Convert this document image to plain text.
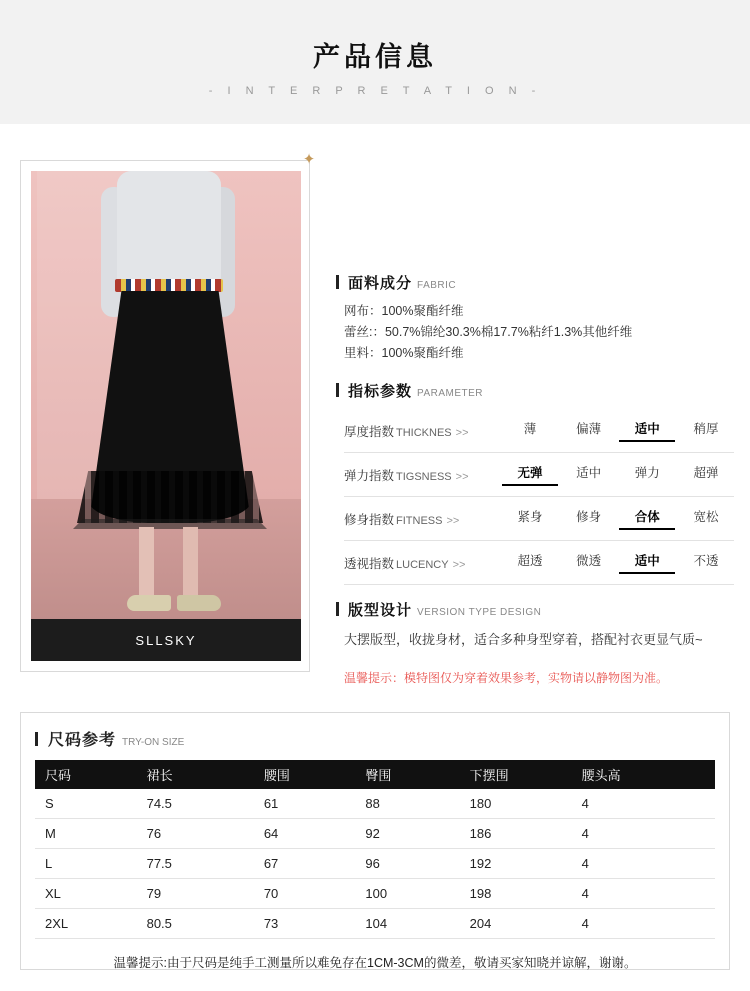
产品信息
- I N T E R P R E T A T I O N -
✦
SLLSKY
面料成分 FABRIC
网布：100%聚酯纤维
蕾丝:：50.7%锦纶30.3%棉17.7%粘纤1.3%其他纤维
里料：100%聚酯纤维
指标参数 PARAMETER
厚度指数 THICKNES >>	薄	偏薄	适中	稍厚
弹力指数 TIGSNESS >>	无弹	适中	弹力	超弹
修身指数 FITNESS >>	紧身	修身	合体	宽松
透视指数 LUCENCY >>	超透	微透	适中	不透
版型设计 VERSION TYPE DESIGN
大摆版型，收拢身材，适合多种身型穿着，搭配衬衣更显气质~
温馨提示：模特图仅为穿着效果参考，实物请以静物图为准。
尺码参考 TRY-ON SIZE
尺码	裙长	腰围	臀围	下摆围	腰头高
S	74.5	61	88	180	4
M	76	64	92	186	4
L	77.5	67	96	192	4
XL	79	70	100	198	4
2XL	80.5	73	104	204	4
温馨提示:由于尺码是纯手工测量所以难免存在1CM-3CM的微差，敬请买家知晓并谅解，谢谢。
